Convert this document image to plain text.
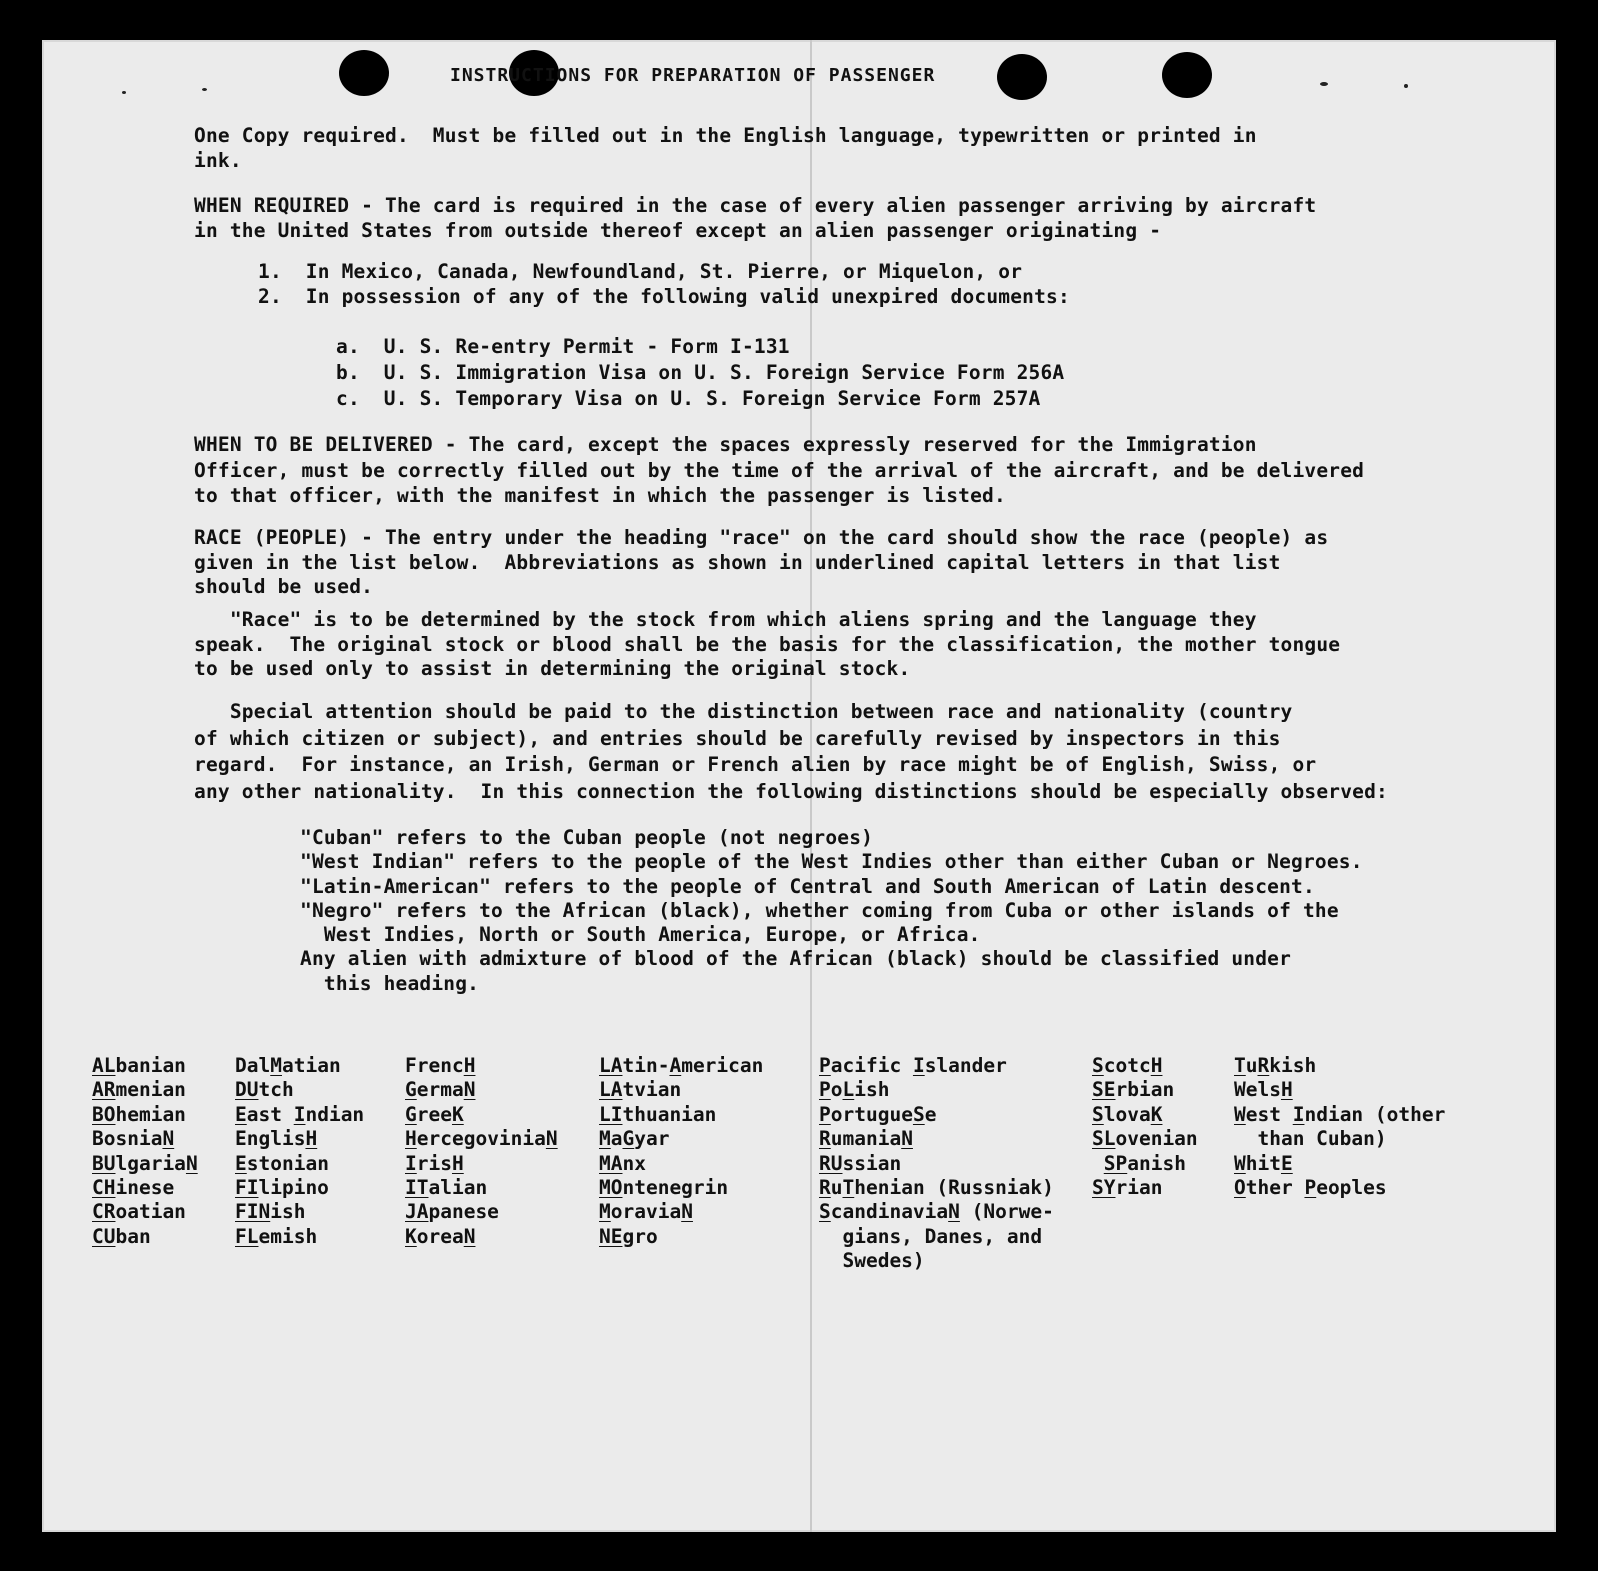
INSTRUCTIONS FOR PREPARATION OF PASSENGER
One Copy required.  Must be filled out in the English language, typewritten or printed in
ink.
WHEN REQUIRED - The card is required in the case of every alien passenger arriving by aircraft
in the United States from outside thereof except an alien passenger originating -
1.  In Mexico, Canada, Newfoundland, St. Pierre, or Miquelon, or
2.  In possession of any of the following valid unexpired documents:
a.  U. S. Re-entry Permit - Form I-131
b.  U. S. Immigration Visa on U. S. Foreign Service Form 256A
c.  U. S. Temporary Visa on U. S. Foreign Service Form 257A
WHEN TO BE DELIVERED - The card, except the spaces expressly reserved for the Immigration
Officer, must be correctly filled out by the time of the arrival of the aircraft, and be delivered
to that officer, with the manifest in which the passenger is listed.
RACE (PEOPLE) - The entry under the heading "race" on the card should show the race (people) as
given in the list below.  Abbreviations as shown in underlined capital letters in that list
should be used.
"Race" is to be determined by the stock from which aliens spring and the language they
speak.  The original stock or blood shall be the basis for the classification, the mother tongue
to be used only to assist in determining the original stock.
Special attention should be paid to the distinction between race and nationality (country
of which citizen or subject), and entries should be carefully revised by inspectors in this
regard.  For instance, an Irish, German or French alien by race might be of English, Swiss, or
any other nationality.  In this connection the following distinctions should be especially observed:
"Cuban" refers to the Cuban people (not negroes)
"West Indian" refers to the people of the West Indies other than either Cuban or Negroes.
"Latin-American" refers to the people of Central and South American of Latin descent.
"Negro" refers to the African (black), whether coming from Cuba or other islands of the
West Indies, North or South America, Europe, or Africa.
Any alien with admixture of blood of the African (black) should be classified under
this heading.
ALbanian
ARmenian
BOhemian
BosniaN
BUlgariaN
CHinese
CRoatian
CUban
DalMatian
DUtch
East Indian
EnglisH
Estonian
FIlipino
FINish
FLemish
FrencH
GermaN
GreeK
HercegoviniaN
IrisH
ITalian
JApanese
KoreaN
LAtin-American
LAtvian
LIthuanian
MaGyar
MAnx
MOntenegrin
MoraviaN
NEgro
Pacific Islander
PoLish
PortugueSe
RumaniaN
RUssian
RuThenian (Russniak)
ScandinaviaN (Norwe-
gians, Danes, and
Swedes)
ScotcH
SErbian
SlovaK
SLovenian
SPanish
SYrian
TuRkish
WelsH
West Indian (other
than Cuban)
WhitE
Other Peoples
